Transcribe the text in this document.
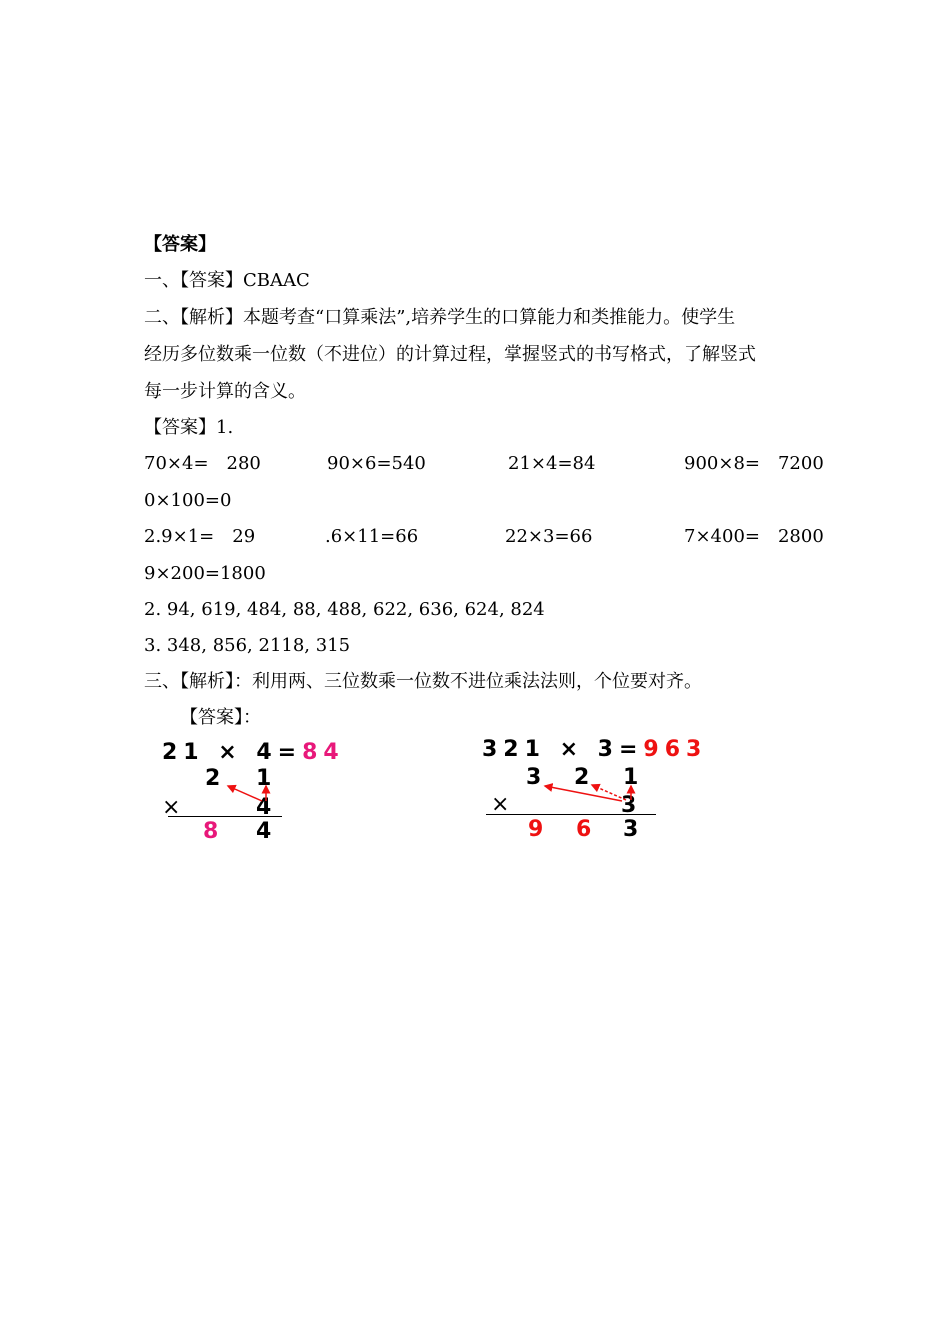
【答案】
一、【答案】CBAAC
二、【解析】本题考查“口算乘法”,培养学生的口算能力和类推能力。使学生
经历多位数乘一位数（不进位）的计算过程，掌握竖式的书写格式，了解竖式
每一步计算的含义。
【答案】1.
70×4=　280	90×6=540	21×4=84	900×8=　7200
0×100=0
2.9×1=　29	.6×11=66	22×3=66	7×400=　2800
9×200=1800
2. 94, 619, 484, 88, 488, 622, 636, 624, 824
3. 348, 856, 2118, 315
三、【解析】：利用两、三位数乘一位数不进位乘法法则，个位要对齐。
【答案】：
21 × 4=84
2 1
×	4
8 4
321 × 3=963
3 2 1
×	3
9 6 3
